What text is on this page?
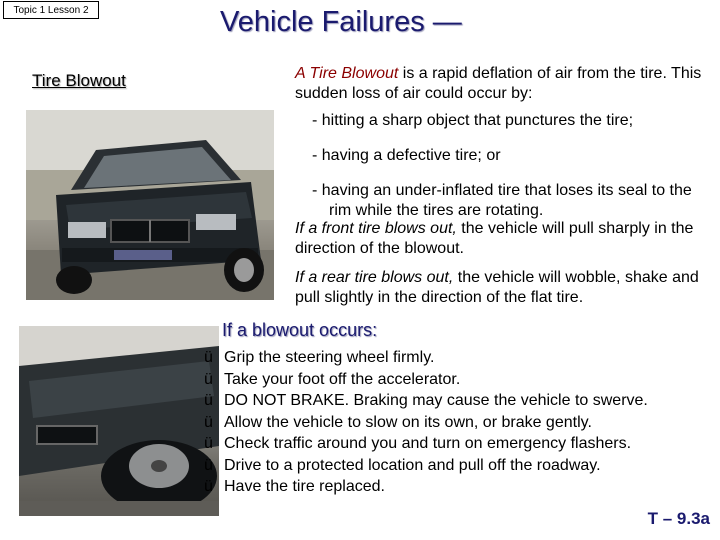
Topic 1 Lesson 2	Vehicle Failures —
Tire Blowout	A Tire Blowout is a rapid deflation of air from the tire. This sudden loss of air could occur by:
- hitting a sharp object that punctures the tire;
- having a defective tire; or
- having an under-inflated tire that loses its seal to the rim while the tires are rotating.
If a front tire blows out, the vehicle will pull sharply in the direction of the blowout.
If a rear tire blows out, the vehicle will wobble, shake and pull slightly in the direction of the flat tire.
If a blowout occurs:
ü Grip the steering wheel firmly.
ü Take your foot off the accelerator.
ü DO NOT BRAKE. Braking may cause the vehicle to swerve.
ü Allow the vehicle to slow on its own, or brake gently.
ü Check traffic around you and turn on emergency flashers.
ü Drive to a protected location and pull off the roadway.
ü Have the tire replaced.
T – 9.3a
